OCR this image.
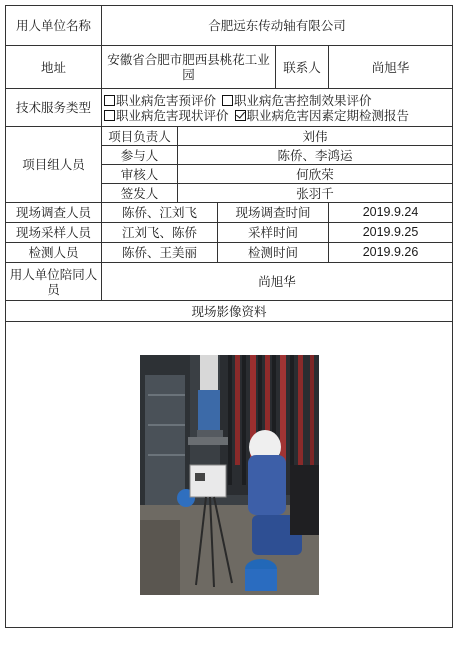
用人单位名称	合肥远东传动轴有限公司				
地址	安徽省合肥市肥西县桃花工业园			联系人	尚旭华
技术服务类型	职业病危害预评价 职业病危害控制效果评价
职业病危害现状评价 职业病危害因素定期检测报告				

项目组人员	项目负责人	刘伟			
	参与人	陈侨、李鸿运			
	审核人	何欣荣			
	签发人	张羽千			
现场调查人员	陈侨、江刘飞		现场调查时间		2019.9.24
现场采样人员	江刘飞、陈侨		采样时间		2019.9.25
检测人员	陈侨、王美丽		检测时间		2019.9.26
用人单位陪同人员	尚旭华				
现场影像资料					
